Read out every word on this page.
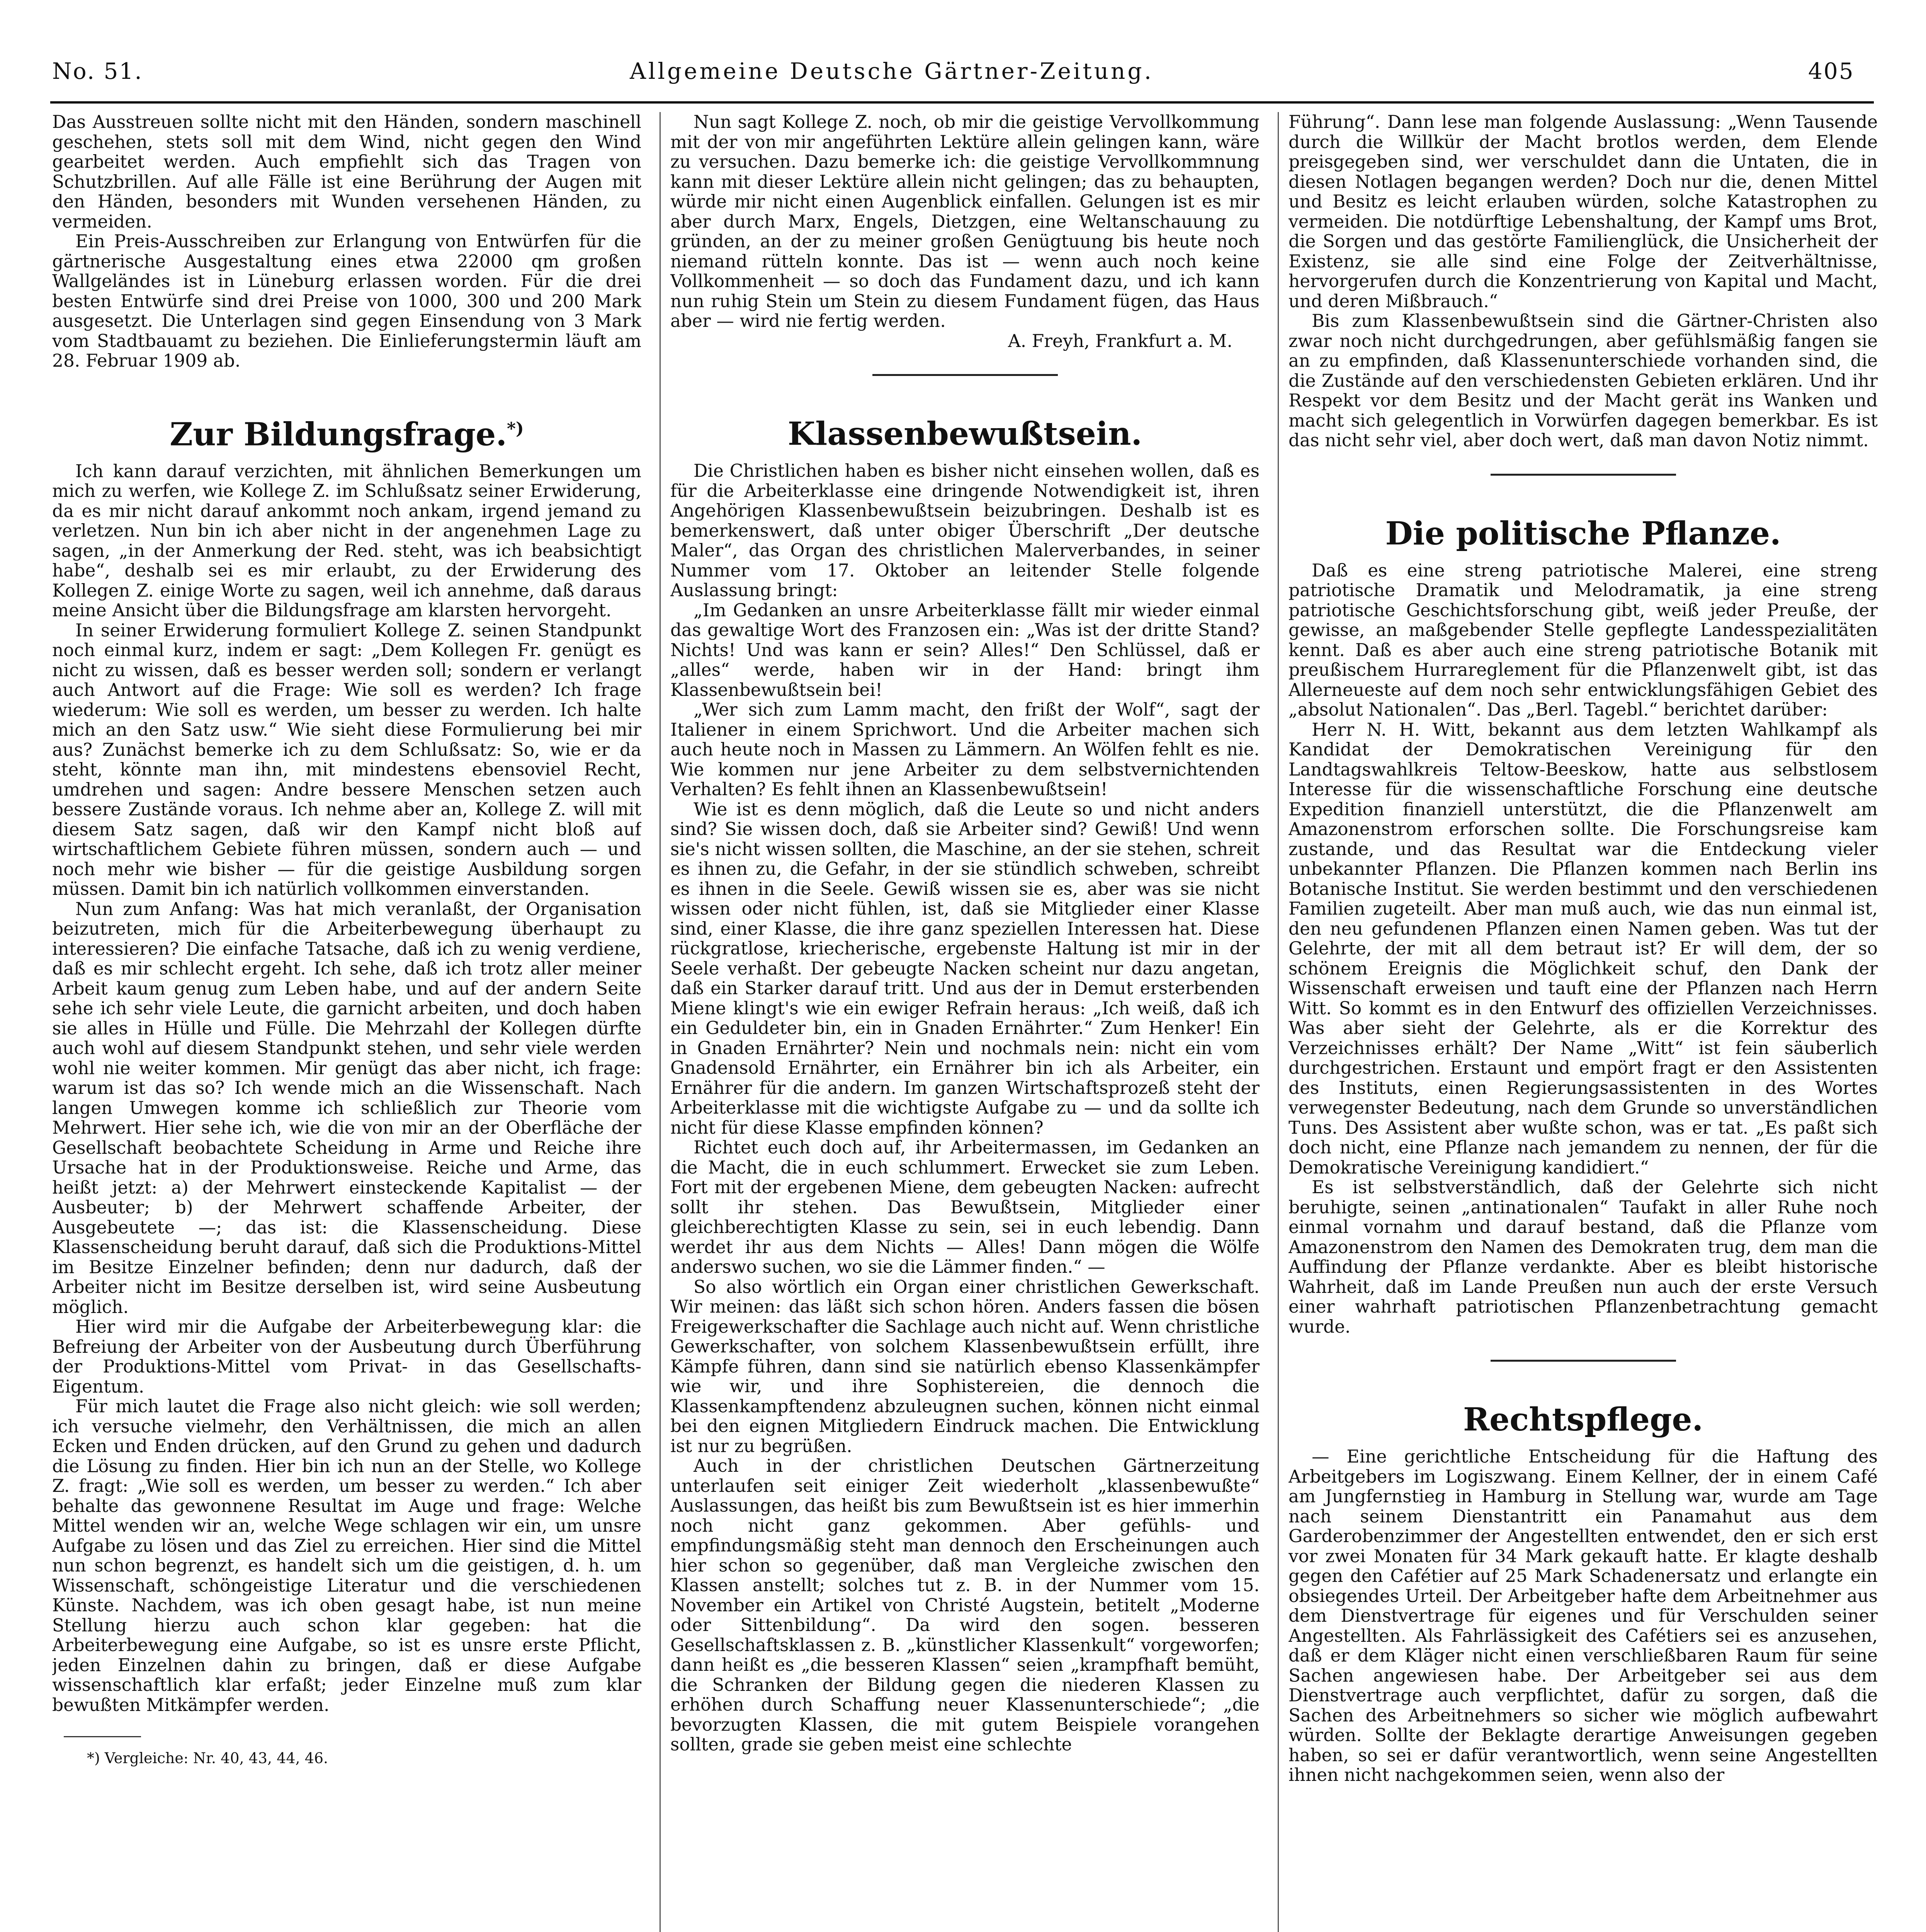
No. 51.	Allgemeine Deutsche Gärtner-Zeitung.	405

Das Ausstreuen sollte nicht mit den Händen, sondern maschinell geschehen, stets soll mit dem Wind, nicht gegen den Wind gearbeitet werden. Auch empfiehlt sich das Tragen von Schutzbrillen. Auf alle Fälle ist eine Berührung der Augen mit den Händen, besonders mit Wunden versehenen Händen, zu vermeiden.

Ein Preis-Ausschreiben zur Erlangung von Entwürfen für die gärtnerische Ausgestaltung eines etwa 22000 qm großen Wallgeländes ist in Lüneburg erlassen worden. Für die drei besten Entwürfe sind drei Preise von 1000, 300 und 200 Mark ausgesetzt. Die Unterlagen sind gegen Einsendung von 3 Mark vom Stadtbauamt zu beziehen. Die Einlieferungstermin läuft am 28. Februar 1909 ab.

Zur Bildungsfrage.*)

Ich kann darauf verzichten, mit ähnlichen Bemerkungen um mich zu werfen, wie Kollege Z. im Schlußsatz seiner Erwiderung, da es mir nicht darauf ankommt noch ankam, irgend jemand zu verletzen. Nun bin ich aber nicht in der angenehmen Lage zu sagen, „in der Anmerkung der Red. steht, was ich beabsichtigt habe“, deshalb sei es mir erlaubt, zu der Erwiderung des Kollegen Z. einige Worte zu sagen, weil ich annehme, daß daraus meine Ansicht über die Bildungsfrage am klarsten hervorgeht.

In seiner Erwiderung formuliert Kollege Z. seinen Standpunkt noch einmal kurz, indem er sagt: „Dem Kollegen Fr. genügt es nicht zu wissen, daß es besser werden soll; sondern er verlangt auch Antwort auf die Frage: Wie soll es werden? Ich frage wiederum: Wie soll es werden, um besser zu werden. Ich halte mich an den Satz usw.“ Wie sieht diese Formulierung bei mir aus? Zunächst bemerke ich zu dem Schlußsatz: So, wie er da steht, könnte man ihn, mit mindestens ebensoviel Recht, umdrehen und sagen: Andre bessere Menschen setzen auch bessere Zustände voraus. Ich nehme aber an, Kollege Z. will mit diesem Satz sagen, daß wir den Kampf nicht bloß auf wirtschaftlichem Gebiete führen müssen, sondern auch — und noch mehr wie bisher — für die geistige Ausbildung sorgen müssen. Damit bin ich natürlich vollkommen einverstanden.

Nun zum Anfang: Was hat mich veranlaßt, der Organisation beizutreten, mich für die Arbeiterbewegung überhaupt zu interessieren? Die einfache Tatsache, daß ich zu wenig verdiene, daß es mir schlecht ergeht. Ich sehe, daß ich trotz aller meiner Arbeit kaum genug zum Leben habe, und auf der andern Seite sehe ich sehr viele Leute, die garnicht arbeiten, und doch haben sie alles in Hülle und Fülle. Die Mehrzahl der Kollegen dürfte auch wohl auf diesem Standpunkt stehen, und sehr viele werden wohl nie weiter kommen. Mir genügt das aber nicht, ich frage: warum ist das so? Ich wende mich an die Wissenschaft. Nach langen Umwegen komme ich schließlich zur Theorie vom Mehrwert. Hier sehe ich, wie die von mir an der Oberfläche der Gesellschaft beobachtete Scheidung in Arme und Reiche ihre Ursache hat in der Produktionsweise. Reiche und Arme, das heißt jetzt: a) der Mehrwert einsteckende Kapitalist — der Ausbeuter; b) der Mehrwert schaffende Arbeiter, der Ausgebeutete —; das ist: die Klassenscheidung. Diese Klassenscheidung beruht darauf, daß sich die Produktions-Mittel im Besitze Einzelner befinden; denn nur dadurch, daß der Arbeiter nicht im Besitze derselben ist, wird seine Ausbeutung möglich.

Hier wird mir die Aufgabe der Arbeiterbewegung klar: die Befreiung der Arbeiter von der Ausbeutung durch Überführung der Produktions-Mittel vom Privat- in das Gesellschafts-Eigentum.

Für mich lautet die Frage also nicht gleich: wie soll werden; ich versuche vielmehr, den Verhältnissen, die mich an allen Ecken und Enden drücken, auf den Grund zu gehen und dadurch die Lösung zu finden. Hier bin ich nun an der Stelle, wo Kollege Z. fragt: „Wie soll es werden, um besser zu werden.“ Ich aber behalte das gewonnene Resultat im Auge und frage: Welche Mittel wenden wir an, welche Wege schlagen wir ein, um unsre Aufgabe zu lösen und das Ziel zu erreichen. Hier sind die Mittel nun schon begrenzt, es handelt sich um die geistigen, d. h. um Wissenschaft, schöngeistige Literatur und die verschiedenen Künste. Nachdem, was ich oben gesagt habe, ist nun meine Stellung hierzu auch schon klar gegeben: hat die Arbeiterbewegung eine Aufgabe, so ist es unsre erste Pflicht, jeden Einzelnen dahin zu bringen, daß er diese Aufgabe wissenschaftlich klar erfaßt; jeder Einzelne muß zum klar bewußten Mitkämpfer werden.

*) Vergleiche: Nr. 40, 43, 44, 46.

Nun sagt Kollege Z. noch, ob mir die geistige Vervollkommung mit der von mir angeführten Lektüre allein gelingen kann, wäre zu versuchen. Dazu bemerke ich: die geistige Vervollkommnung kann mit dieser Lektüre allein nicht gelingen; das zu behaupten, würde mir nicht einen Augenblick einfallen. Gelungen ist es mir aber durch Marx, Engels, Dietzgen, eine Weltanschauung zu gründen, an der zu meiner großen Genügtuung bis heute noch niemand rütteln konnte. Das ist — wenn auch noch keine Vollkommenheit — so doch das Fundament dazu, und ich kann nun ruhig Stein um Stein zu diesem Fundament fügen, das Haus aber — wird nie fertig werden.

A. Freyh, Frankfurt a. M.

Klassenbewußtsein.

Die Christlichen haben es bisher nicht einsehen wollen, daß es für die Arbeiterklasse eine dringende Notwendigkeit ist, ihren Angehörigen Klassenbewußtsein beizubringen. Deshalb ist es bemerkenswert, daß unter obiger Überschrift „Der deutsche Maler“, das Organ des christlichen Malerverbandes, in seiner Nummer vom 17. Oktober an leitender Stelle folgende Auslassung bringt:

„Im Gedanken an unsre Arbeiterklasse fällt mir wieder einmal das gewaltige Wort des Franzosen ein: „Was ist der dritte Stand? Nichts! Und was kann er sein? Alles!“ Den Schlüssel, daß er „alles“ werde, haben wir in der Hand: bringt ihm Klassenbewußtsein bei!

„Wer sich zum Lamm macht, den frißt der Wolf“, sagt der Italiener in einem Sprichwort. Und die Arbeiter machen sich auch heute noch in Massen zu Lämmern. An Wölfen fehlt es nie. Wie kommen nur jene Arbeiter zu dem selbstvernichtenden Verhalten? Es fehlt ihnen an Klassenbewußtsein!

Wie ist es denn möglich, daß die Leute so und nicht anders sind? Sie wissen doch, daß sie Arbeiter sind? Gewiß! Und wenn sie's nicht wissen sollten, die Maschine, an der sie stehen, schreit es ihnen zu, die Gefahr, in der sie stündlich schweben, schreibt es ihnen in die Seele. Gewiß wissen sie es, aber was sie nicht wissen oder nicht fühlen, ist, daß sie Mitglieder einer Klasse sind, einer Klasse, die ihre ganz speziellen Interessen hat. Diese rückgratlose, kriecherische, ergebenste Haltung ist mir in der Seele verhaßt. Der gebeugte Nacken scheint nur dazu angetan, daß ein Starker darauf tritt. Und aus der in Demut ersterbenden Miene klingt's wie ein ewiger Refrain heraus: „Ich weiß, daß ich ein Geduldeter bin, ein in Gnaden Ernährter.“ Zum Henker! Ein in Gnaden Ernährter? Nein und nochmals nein: nicht ein vom Gnadensold Ernährter, ein Ernährer bin ich als Arbeiter, ein Ernährer für die andern. Im ganzen Wirtschaftsprozeß steht der Arbeiterklasse mit die wichtigste Aufgabe zu — und da sollte ich nicht für diese Klasse empfinden können?

Richtet euch doch auf, ihr Arbeitermassen, im Gedanken an die Macht, die in euch schlummert. Erwecket sie zum Leben. Fort mit der ergebenen Miene, dem gebeugten Nacken: aufrecht sollt ihr stehen. Das Bewußtsein, Mitglieder einer gleichberechtigten Klasse zu sein, sei in euch lebendig. Dann werdet ihr aus dem Nichts — Alles! Dann mögen die Wölfe anderswo suchen, wo sie die Lämmer finden.“ —

So also wörtlich ein Organ einer christlichen Gewerkschaft. Wir meinen: das läßt sich schon hören. Anders fassen die bösen Freigewerkschafter die Sachlage auch nicht auf. Wenn christliche Gewerkschafter, von solchem Klassenbewußtsein erfüllt, ihre Kämpfe führen, dann sind sie natürlich ebenso Klassenkämpfer wie wir, und ihre Sophistereien, die dennoch die Klassenkampftendenz abzuleugnen suchen, können nicht einmal bei den eignen Mitgliedern Eindruck machen. Die Entwicklung ist nur zu begrüßen.

Auch in der christlichen Deutschen Gärtnerzeitung unterlaufen seit einiger Zeit wiederholt „klassenbewußte“ Auslassungen, das heißt bis zum Bewußtsein ist es hier immerhin noch nicht ganz gekommen. Aber gefühls- und empfindungsmäßig steht man dennoch den Erscheinungen auch hier schon so gegenüber, daß man Vergleiche zwischen den Klassen anstellt; solches tut z. B. in der Nummer vom 15. November ein Artikel von Christé Augstein, betitelt „Moderne oder Sittenbildung“. Da wird den sogen. besseren Gesellschaftsklassen z. B. „künstlicher Klassenkult“ vorgeworfen; dann heißt es „die besseren Klassen“ seien „krampfhaft bemüht, die Schranken der Bildung gegen die niederen Klassen zu erhöhen durch Schaffung neuer Klassenunterschiede“; „die bevorzugten Klassen, die mit gutem Beispiele vorangehen sollten, grade sie geben meist eine schlechte

Führung“. Dann lese man folgende Auslassung: „Wenn Tausende durch die Willkür der Macht brotlos werden, dem Elende preisgegeben sind, wer verschuldet dann die Untaten, die in diesen Notlagen begangen werden? Doch nur die, denen Mittel und Besitz es leicht erlauben würden, solche Katastrophen zu vermeiden. Die notdürftige Lebenshaltung, der Kampf ums Brot, die Sorgen und das gestörte Familienglück, die Unsicherheit der Existenz, sie alle sind eine Folge der Zeitverhältnisse, hervorgerufen durch die Konzentrierung von Kapital und Macht, und deren Mißbrauch.“

Bis zum Klassenbewußtsein sind die Gärtner-Christen also zwar noch nicht durchgedrungen, aber gefühlsmäßig fangen sie an zu empfinden, daß Klassenunterschiede vorhanden sind, die die Zustände auf den verschiedensten Gebieten erklären. Und ihr Respekt vor dem Besitz und der Macht gerät ins Wanken und macht sich gelegentlich in Vorwürfen dagegen bemerkbar. Es ist das nicht sehr viel, aber doch wert, daß man davon Notiz nimmt.

Die politische Pflanze.

Daß es eine streng patriotische Malerei, eine streng patriotische Dramatik und Melodramatik, ja eine streng patriotische Geschichtsforschung gibt, weiß jeder Preuße, der gewisse, an maßgebender Stelle gepflegte Landesspezialitäten kennt. Daß es aber auch eine streng patriotische Botanik mit preußischem Hurrareglement für die Pflanzenwelt gibt, ist das Allerneueste auf dem noch sehr entwicklungsfähigen Gebiet des „absolut Nationalen“. Das „Berl. Tagebl.“ berichtet darüber:

Herr N. H. Witt, bekannt aus dem letzten Wahlkampf als Kandidat der Demokratischen Vereinigung für den Landtagswahlkreis Teltow-Beeskow, hatte aus selbstlosem Interesse für die wissenschaftliche Forschung eine deutsche Expedition finanziell unterstützt, die die Pflanzenwelt am Amazonenstrom erforschen sollte. Die Forschungsreise kam zustande, und das Resultat war die Entdeckung vieler unbekannter Pflanzen. Die Pflanzen kommen nach Berlin ins Botanische Institut. Sie werden bestimmt und den verschiedenen Familien zugeteilt. Aber man muß auch, wie das nun einmal ist, den neu gefundenen Pflanzen einen Namen geben. Was tut der Gelehrte, der mit all dem betraut ist? Er will dem, der so schönem Ereignis die Möglichkeit schuf, den Dank der Wissenschaft erweisen und tauft eine der Pflanzen nach Herrn Witt. So kommt es in den Entwurf des offiziellen Verzeichnisses. Was aber sieht der Gelehrte, als er die Korrektur des Verzeichnisses erhält? Der Name „Witt“ ist fein säuberlich durchgestrichen. Erstaunt und empört fragt er den Assistenten des Instituts, einen Regierungsassistenten in des Wortes verwegenster Bedeutung, nach dem Grunde so unverständlichen Tuns. Des Assistent aber wußte schon, was er tat. „Es paßt sich doch nicht, eine Pflanze nach jemandem zu nennen, der für die Demokratische Vereinigung kandidiert.“

Es ist selbstverständlich, daß der Gelehrte sich nicht beruhigte, seinen „antinationalen“ Taufakt in aller Ruhe noch einmal vornahm und darauf bestand, daß die Pflanze vom Amazonenstrom den Namen des Demokraten trug, dem man die Auffindung der Pflanze verdankte. Aber es bleibt historische Wahrheit, daß im Lande Preußen nun auch der erste Versuch einer wahrhaft patriotischen Pflanzenbetrachtung gemacht wurde.

Rechtspflege.

— Eine gerichtliche Entscheidung für die Haftung des Arbeitgebers im Logiszwang. Einem Kellner, der in einem Café am Jungfernstieg in Hamburg in Stellung war, wurde am Tage nach seinem Dienstantritt ein Panamahut aus dem Garderobenzimmer der Angestellten entwendet, den er sich erst vor zwei Monaten für 34 Mark gekauft hatte. Er klagte deshalb gegen den Cafétier auf 25 Mark Schadenersatz und erlangte ein obsiegendes Urteil. Der Arbeitgeber hafte dem Arbeitnehmer aus dem Dienstvertrage für eigenes und für Verschulden seiner Angestellten. Als Fahrlässigkeit des Cafétiers sei es anzusehen, daß er dem Kläger nicht einen verschließbaren Raum für seine Sachen angewiesen habe. Der Arbeitgeber sei aus dem Dienstvertrage auch verpflichtet, dafür zu sorgen, daß die Sachen des Arbeitnehmers so sicher wie möglich aufbewahrt würden. Sollte der Beklagte derartige Anweisungen gegeben haben, so sei er dafür verantwortlich, wenn seine Angestellten ihnen nicht nachgekommen seien, wenn also der
